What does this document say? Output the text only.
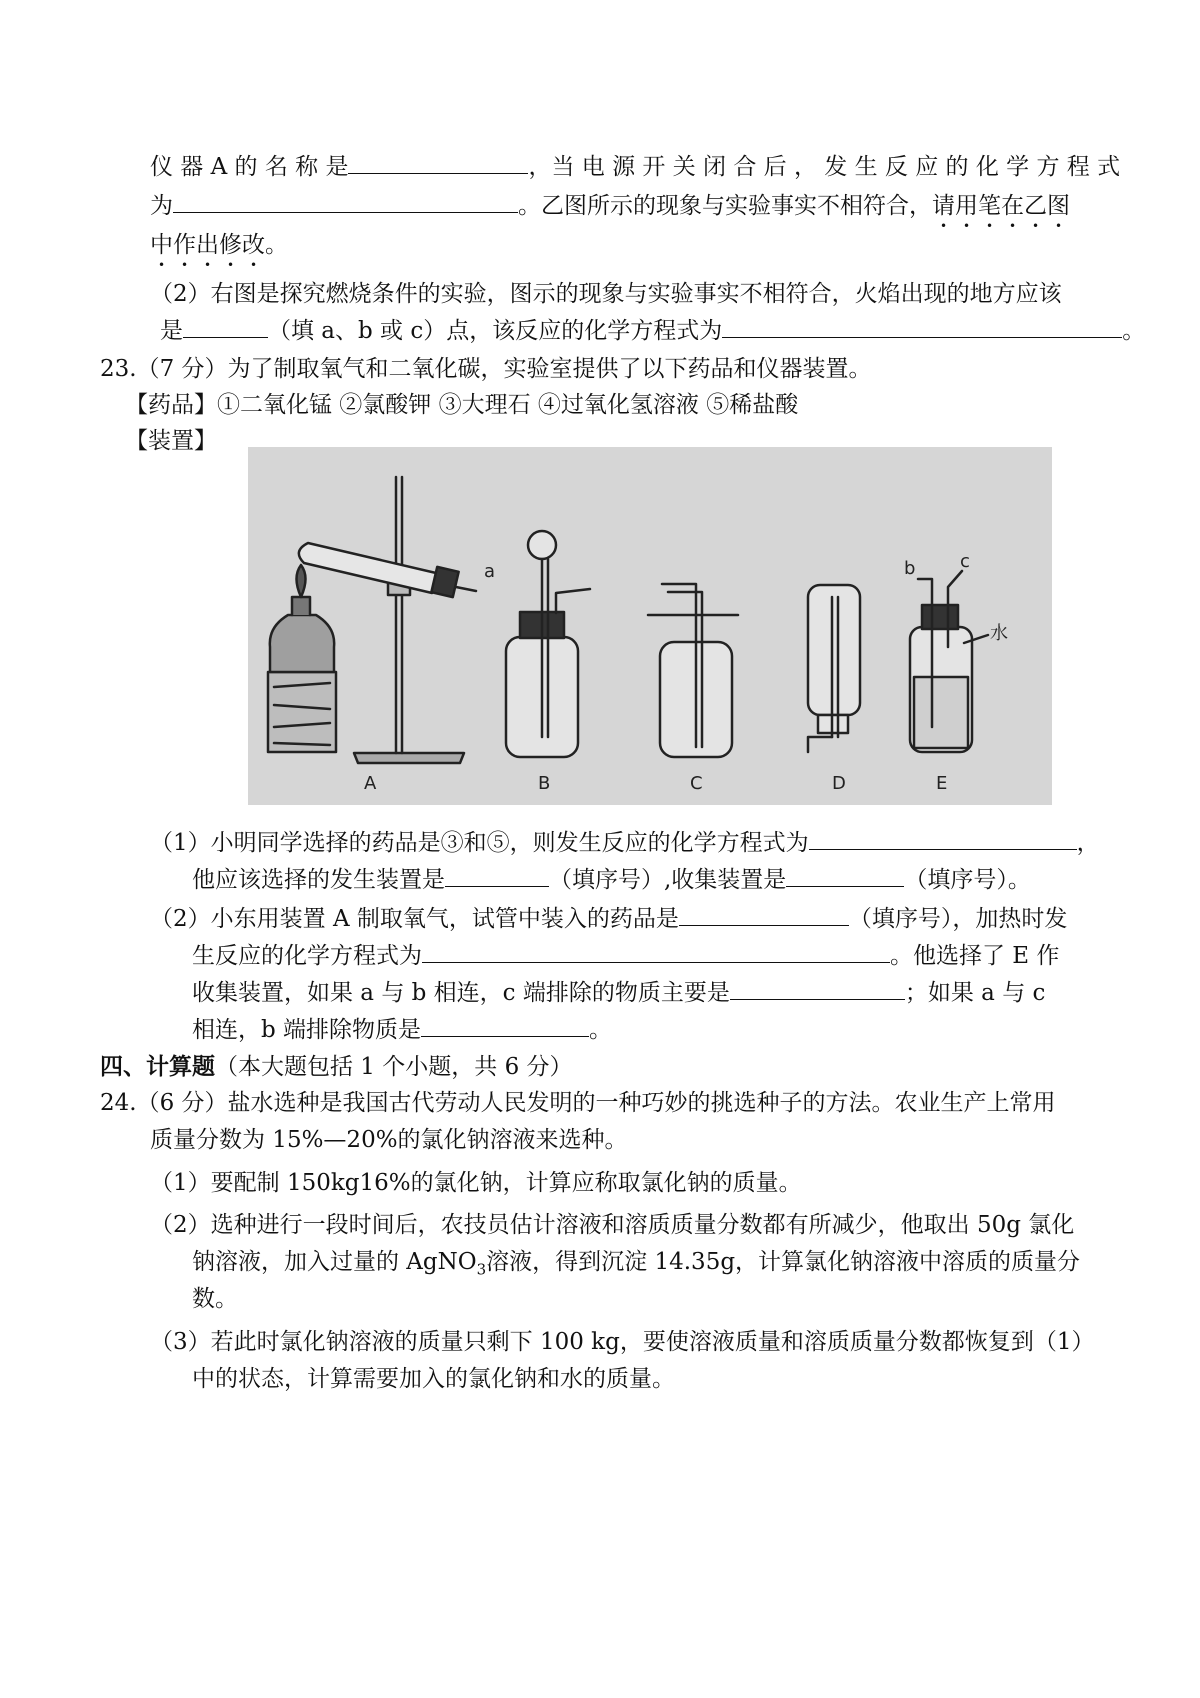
仪 器 A 的 名 称 是	，当 电 源 开 关 闭 合 后 ， 发 生 反 应 的 化 学 方 程 式
为	。乙图所示的现象与实验事实不相符合，请用笔在乙图
中作出修改。
（2）右图是探究燃烧条件的实验，图示的现象与实验事实不相符合，火焰出现的地方应该
是	（填 a、b 或 c）点，该反应的化学方程式为	。
23.（7 分）为了制取氧气和二氧化碳，实验室提供了以下药品和仪器装置。
【药品】①二氧化锰 ②氯酸钾 ③大理石 ④过氧化氢溶液 ⑤稀盐酸
【装置】
a	b c
水
A	B	C	D	E
（1）小明同学选择的药品是③和⑤，则发生反应的化学方程式为	，
他应该选择的发生装置是	（填序号）,收集装置是	（填序号）。
（2）小东用装置 A 制取氧气，试管中装入的药品是	（填序号），加热时发
生反应的化学方程式为	。他选择了 E 作
收集装置，如果 a 与 b 相连，c 端排除的物质主要是	；如果 a 与 c
相连，b 端排除物质是	。
四、计算题（本大题包括 1 个小题，共 6 分）
24.（6 分）盐水选种是我国古代劳动人民发明的一种巧妙的挑选种子的方法。农业生产上常用
质量分数为 15%—20%的氯化钠溶液来选种。
（1）要配制 150kg16%的氯化钠，计算应称取氯化钠的质量。
（2）选种进行一段时间后，农技员估计溶液和溶质质量分数都有所减少，他取出 50g 氯化
钠溶液，加入过量的 AgNO$_3$溶液，得到沉淀 14.35g，计算氯化钠溶液中溶质的质量分
数。
（3）若此时氯化钠溶液的质量只剩下 100 kg，要使溶液质量和溶质质量分数都恢复到（1）
中的状态，计算需要加入的氯化钠和水的质量。
